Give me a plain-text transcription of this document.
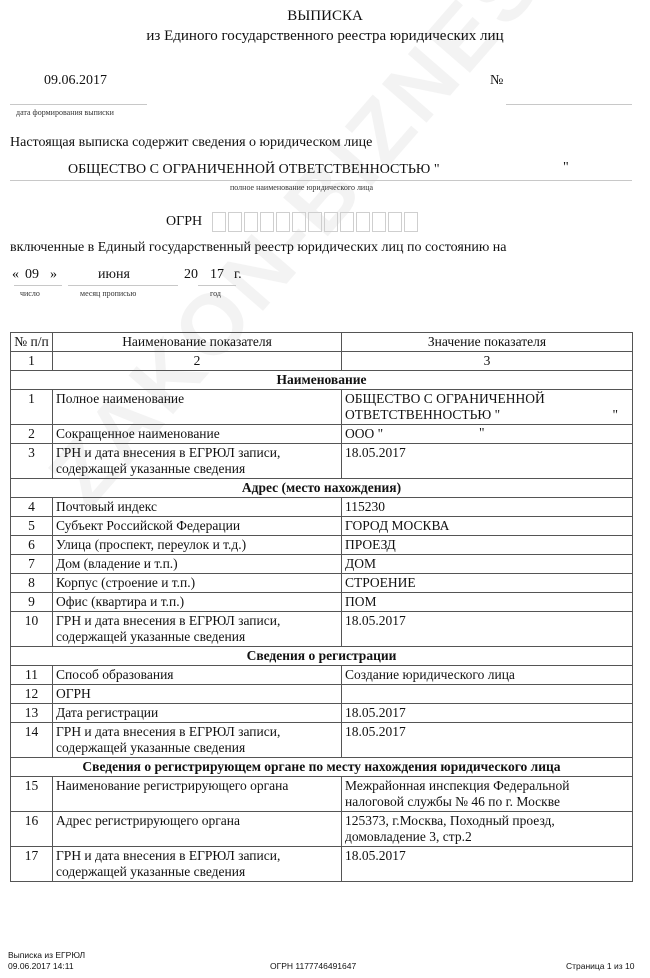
ВЫПИСКА
из Единого государственного реестра юридических лиц
09.06.2017
дата формирования выписки
№
Настоящая выписка содержит сведения о юридическом лице
ОБЩЕСТВО С ОГРАНИЧЕННОЙ ОТВЕТСТВЕННОСТЬЮ "	"
полное наименование юридического лица
ОГРН
включенные в Единый государственный реестр юридических лиц по состоянию на
« 09 »	июня	20 17 г.
число	месяц прописью	год
№ п/п	Наименование показателя	Значение показателя
1	2	3
Наименование		
1	Полное наименование	ОБЩЕСТВО С ОГРАНИЧЕННОЙ ОТВЕТСТВЕННОСТЬЮ " "

2	Сокращенное наименование	ООО " "

3	ГРН и дата внесения в ЕГРЮЛ записи, содержащей указанные сведения	18.05.2017
Адрес (место нахождения)		
4	Почтовый индекс	115230
5	Субъект Российской Федерации	ГОРОД МОСКВА
6	Улица (проспект, переулок и т.д.)	ПРОЕЗД
7	Дом (владение и т.п.)	ДОМ
8	Корпус (строение и т.п.)	СТРОЕНИЕ
9	Офис (квартира и т.п.)	ПОМ
10	ГРН и дата внесения в ЕГРЮЛ записи, содержащей указанные сведения	18.05.2017
Сведения о регистрации		
11	Способ образования	Создание юридического лица
12	ОГРН	
13	Дата регистрации	18.05.2017
14	ГРН и дата внесения в ЕГРЮЛ записи, содержащей указанные сведения	18.05.2017
Сведения о регистрирующем органе по месту нахождения юридического лица		
15	Наименование регистрирующего органа	Межрайонная инспекция Федеральной налоговой службы № 46 по г. Москве
16	Адрес регистрирующего органа	125373, г.Москва, Походный проезд, домовладение 3, стр.2
17	ГРН и дата внесения в ЕГРЮЛ записи, содержащей указанные сведения	18.05.2017
Выписка из ЕГРЮЛ
09.06.2017 14:11	ОГРН 1177746491647	Страница 1 из 10
